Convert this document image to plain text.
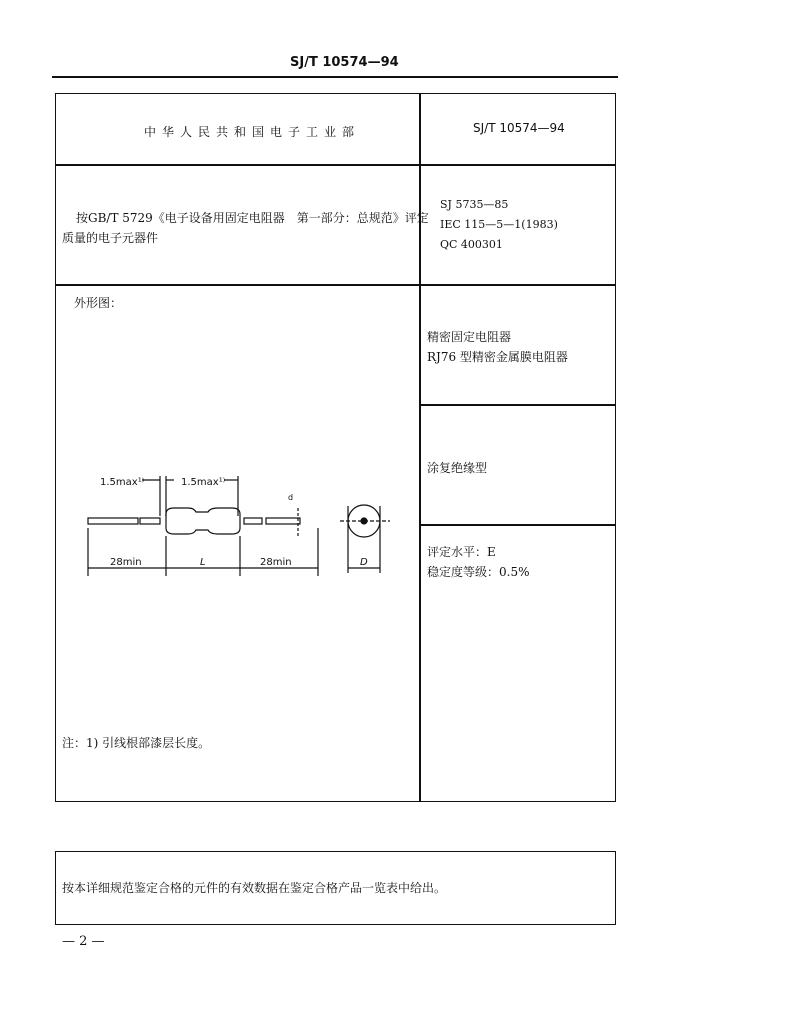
SJ/T 10574—94
中华人民共和国电子工业部	SJ/T 10574—94
按GB/T 5729《电子设备用固定电阻器　第一部分：总规范》评定
质量的电子元器件
SJ 5735—85
IEC 115—5—1(1983)
QC 400301
外形图：
精密固定电阻器
RJ76 型精密金属膜电阻器
涂复绝缘型
评定水平：E
稳定度等级：0.5%
1.5max¹⁾	1.5max¹⁾
d
28min	L	28min	D
注：1) 引线根部漆层长度。
按本详细规范鉴定合格的元件的有效数据在鉴定合格产品一览表中给出。
— 2 —
